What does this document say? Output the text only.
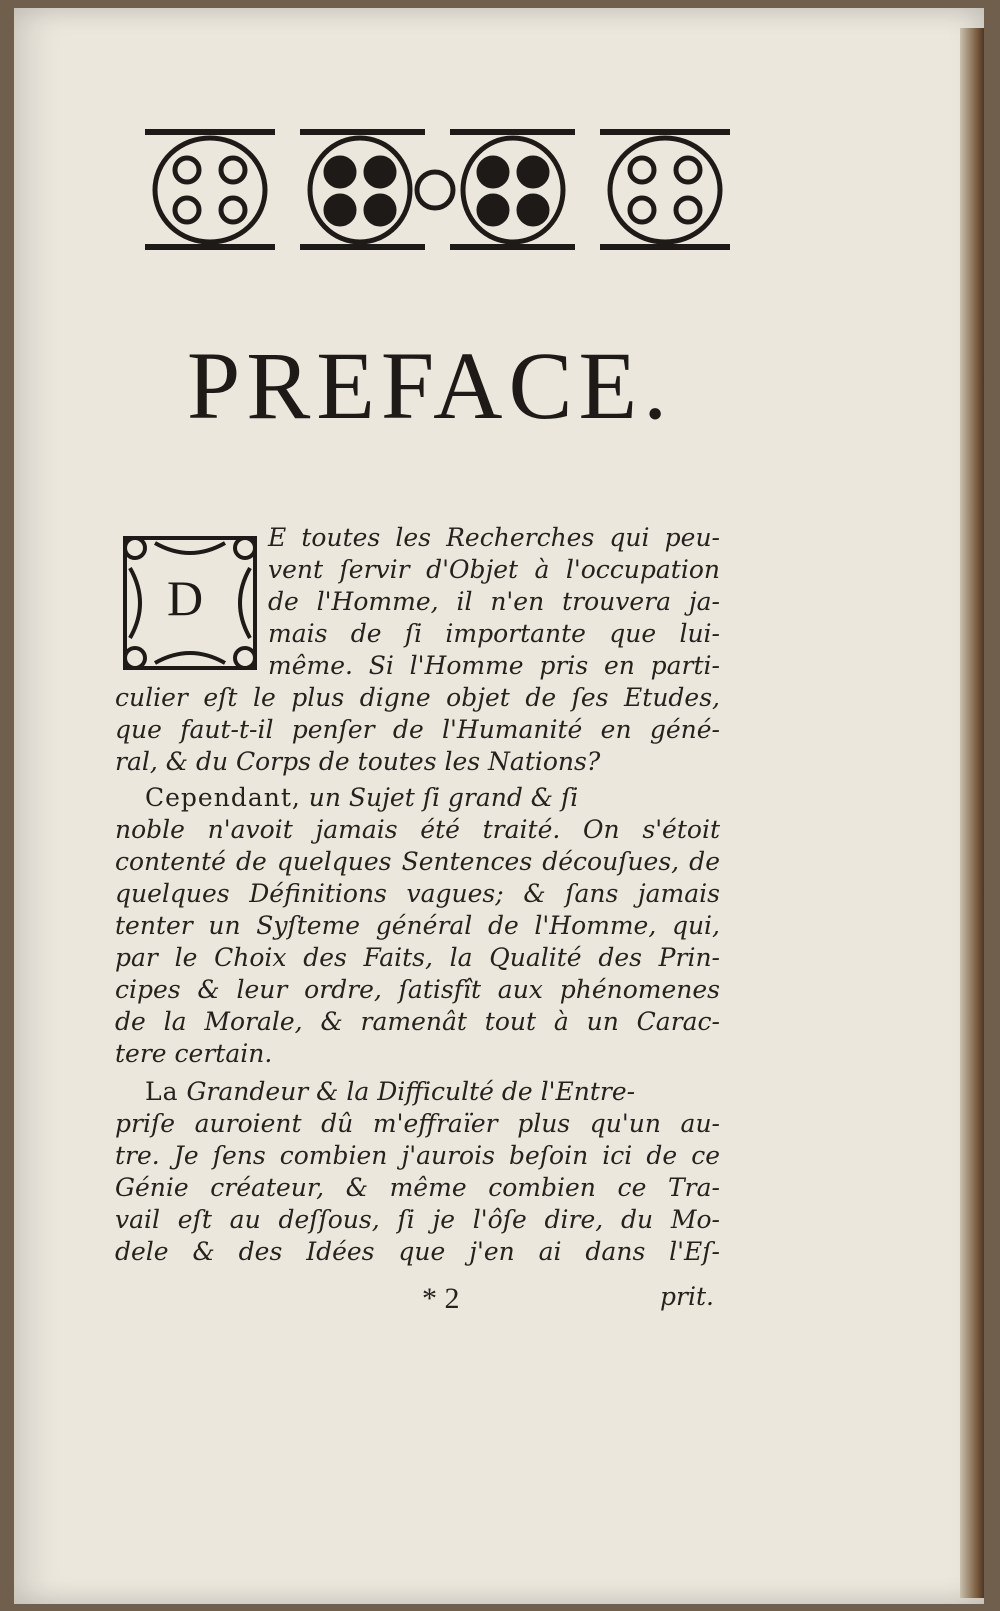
PREFACE.
D
E toutes les Recherches qui peu-
vent ſervir d'Objet à l'occupation
de l'Homme, il n'en trouvera ja-
mais de ſi importante que lui-
même. Si l'Homme pris en parti-
culier eſt le plus digne objet de ſes Etudes,
que faut-t-il penſer de l'Humanité en géné-
ral, & du Corps de toutes les Nations?
Cependant, un Sujet ſi grand & ſi
noble n'avoit jamais été traité. On s'étoit
contenté de quelques Sentences découſues, de
quelques Définitions vagues; & ſans jamais
tenter un Syſteme général de l'Homme, qui,
par le Choix des Faits, la Qualité des Prin-
cipes & leur ordre, ſatisfît aux phénomenes
de la Morale, & ramenât tout à un Carac-
tere certain.
La Grandeur & la Difficulté de l'Entre-
priſe auroient dû m'effraïer plus qu'un au-
tre. Je ſens combien j'aurois beſoin ici de ce
Génie créateur, & même combien ce Tra-
vail eſt au deſſous, ſi je l'ôſe dire, du Mo-
dele & des Idées que j'en ai dans l'Eſ-
* 2	prit.
